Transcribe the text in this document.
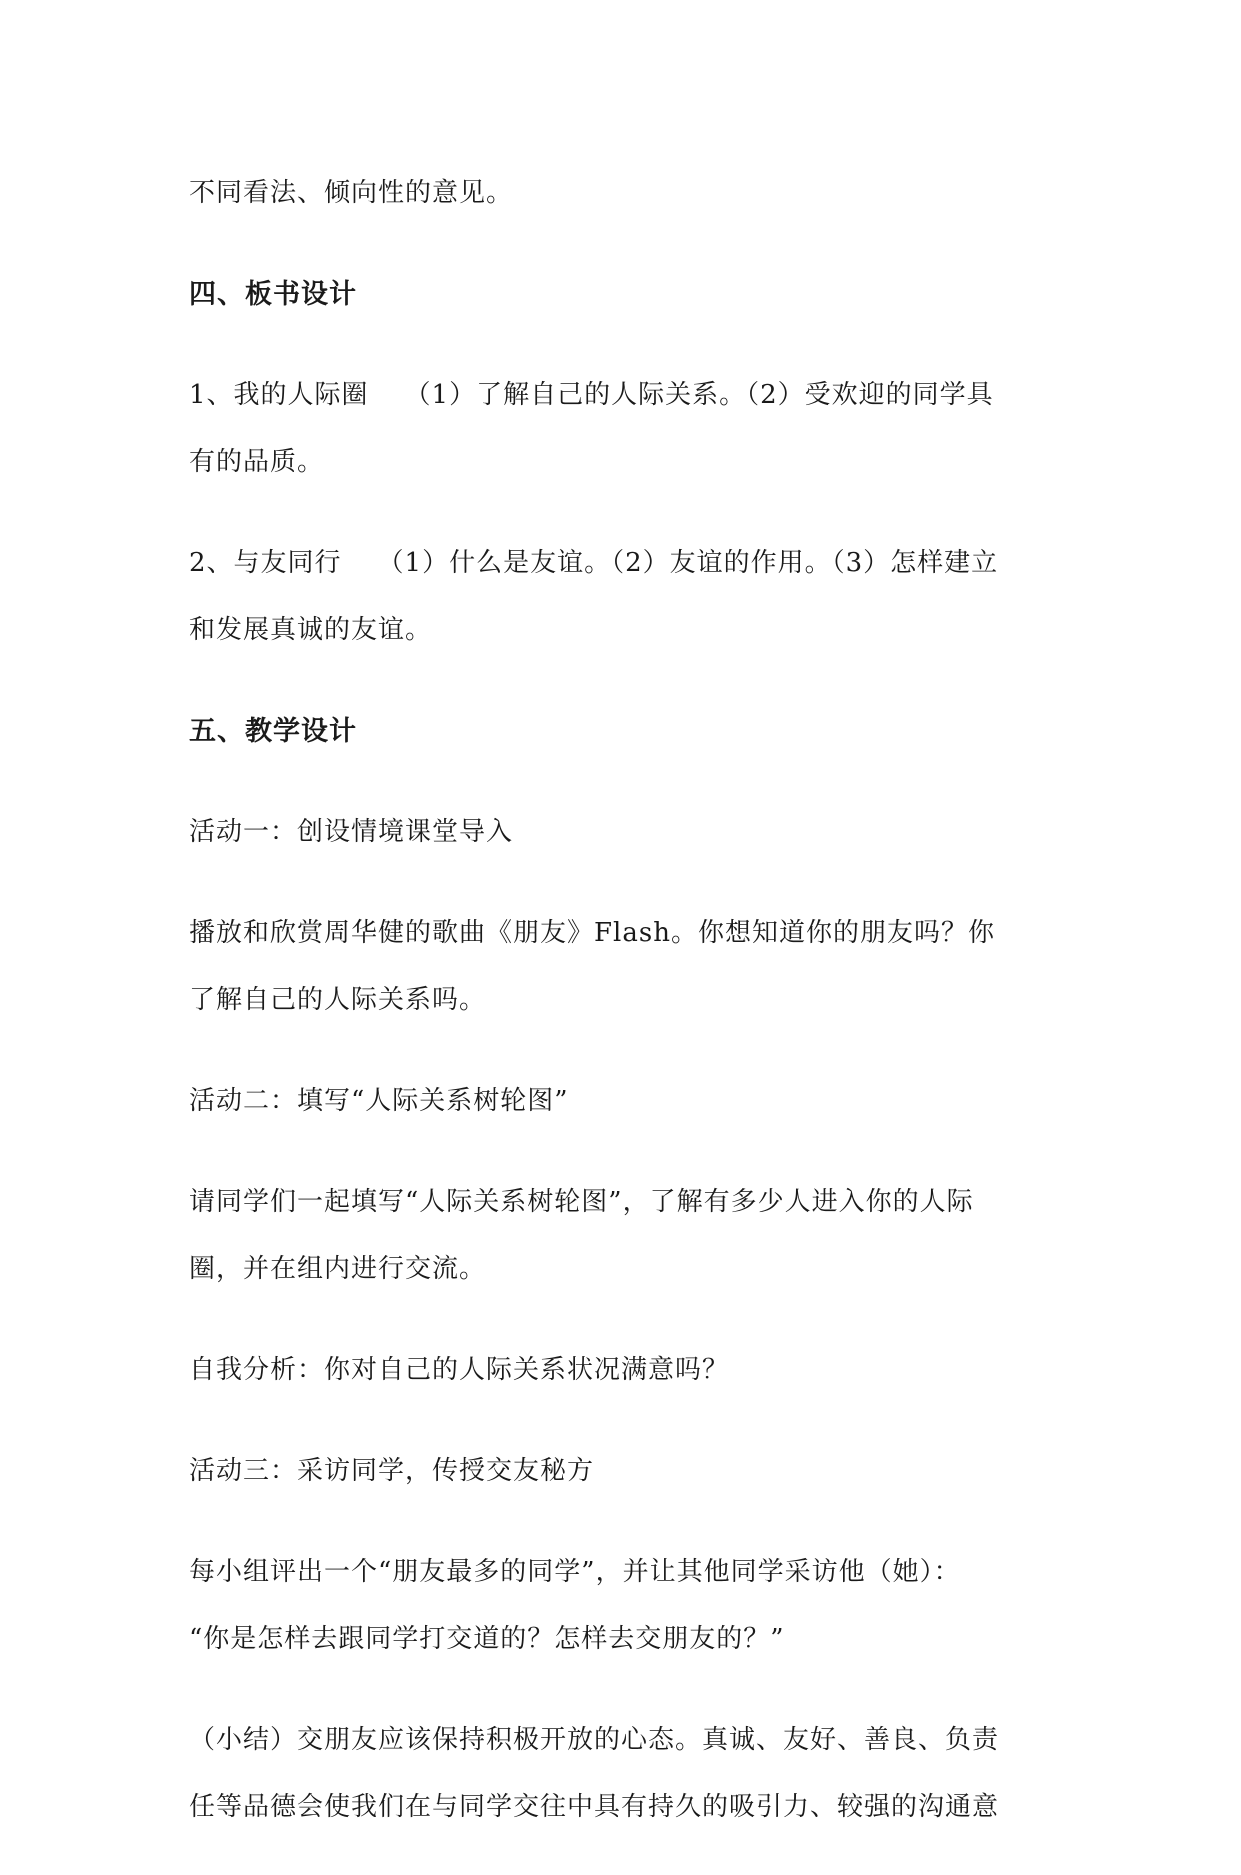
不同看法、倾向性的意见。
四、板书设计
1、我的人际圈 （1）了解自己的人际关系。（2）受欢迎的同学具
有的品质。
2、与友同行 （1）什么是友谊。（2）友谊的作用。（3）怎样建立
和发展真诚的友谊。
五、教学设计
活动一：创设情境课堂导入
播放和欣赏周华健的歌曲《朋友》Flash。你想知道你的朋友吗？你
了解自己的人际关系吗。
活动二：填写“人际关系树轮图”
请同学们一起填写“人际关系树轮图”，了解有多少人进入你的人际
圈，并在组内进行交流。
自我分析：你对自己的人际关系状况满意吗？
活动三：采访同学，传授交友秘方
每小组评出一个“朋友最多的同学”，并让其他同学采访他（她）：
“你是怎样去跟同学打交道的？怎样去交朋友的？”
（小结）交朋友应该保持积极开放的心态。真诚、友好、善良、负责
任等品德会使我们在与同学交往中具有持久的吸引力、较强的沟通意
